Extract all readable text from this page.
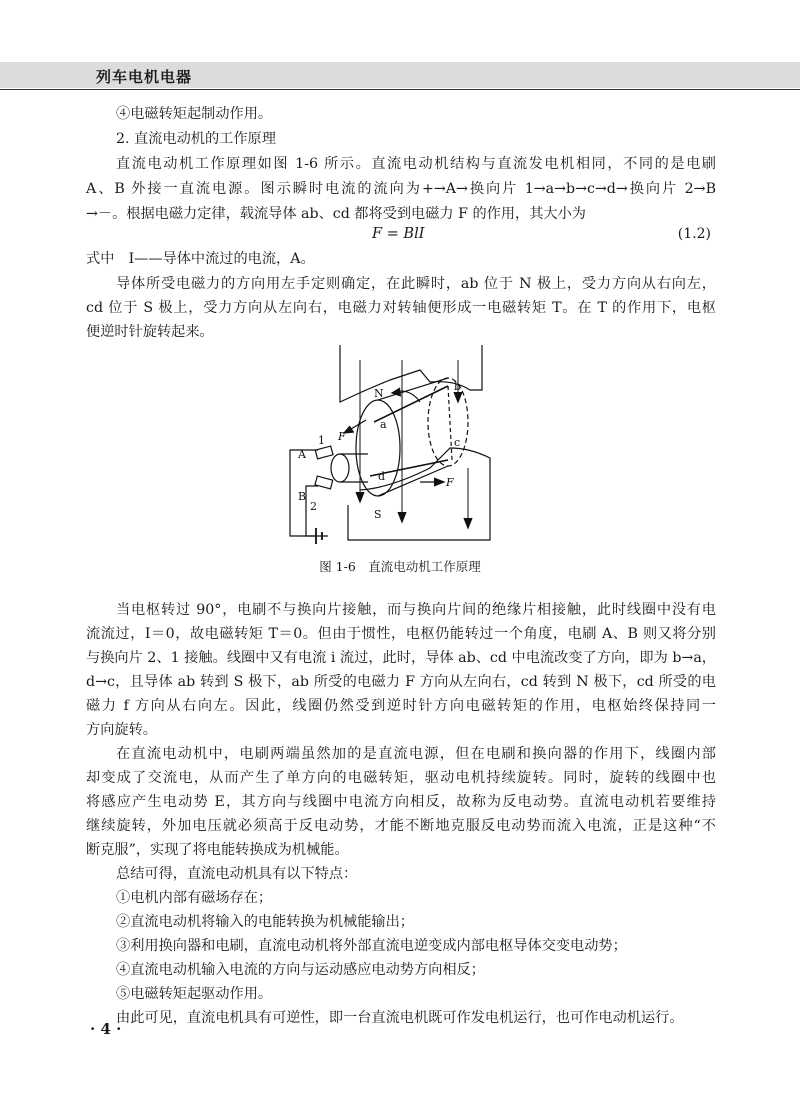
列车电机电器
④电磁转矩起制动作用。
2. 直流电动机的工作原理
直流电动机工作原理如图 1-6 所示。直流电动机结构与直流发电机相同，不同的是电刷
A、B 外接一直流电源。图示瞬时电流的流向为+→A→换向片 1→a→b→c→d→换向片 2→B
→－。根据电磁力定律，载流导体 ab、cd 都将受到电磁力 F 的作用，其大小为
F = BlI	(1.2)
式中　I——导体中流过的电流，A。
导体所受电磁力的方向用左手定则确定，在此瞬时，ab 位于 N 极上，受力方向从右向左，
cd 位于 S 极上，受力方向从左向右，电磁力对转轴便形成一电磁转矩 T。在 T 的作用下，电枢
便逆时针旋转起来。
N
S
a
b
c
d
A
B
1
2
F
F
图 1-6　直流电动机工作原理
当电枢转过 90°，电刷不与换向片接触，而与换向片间的绝缘片相接触，此时线圈中没有电
流流过，I＝0，故电磁转矩 T＝0。但由于惯性，电枢仍能转过一个角度，电刷 A、B 则又将分别
与换向片 2、1 接触。线圈中又有电流 i 流过，此时，导体 ab、cd 中电流改变了方向，即为 b→a，
d→c，且导体 ab 转到 S 极下，ab 所受的电磁力 F 方向从左向右，cd 转到 N 极下，cd 所受的电
磁力 f 方向从右向左。因此，线圈仍然受到逆时针方向电磁转矩的作用，电枢始终保持同一
方向旋转。
在直流电动机中，电刷两端虽然加的是直流电源，但在电刷和换向器的作用下，线圈内部
却变成了交流电，从而产生了单方向的电磁转矩，驱动电机持续旋转。同时，旋转的线圈中也
将感应产生电动势 E，其方向与线圈中电流方向相反，故称为反电动势。直流电动机若要维持
继续旋转，外加电压就必须高于反电动势，才能不断地克服反电动势而流入电流，正是这种“不
断克服”，实现了将电能转换成为机械能。
总结可得，直流电动机具有以下特点：
①电机内部有磁场存在；
②直流电动机将输入的电能转换为机械能输出；
③利用换向器和电刷，直流电动机将外部直流电逆变成内部电枢导体交变电动势；
④直流电动机输入电流的方向与运动感应电动势方向相反；
⑤电磁转矩起驱动作用。
由此可见，直流电机具有可逆性，即一台直流电机既可作发电机运行，也可作电动机运行。
· 4 ·
